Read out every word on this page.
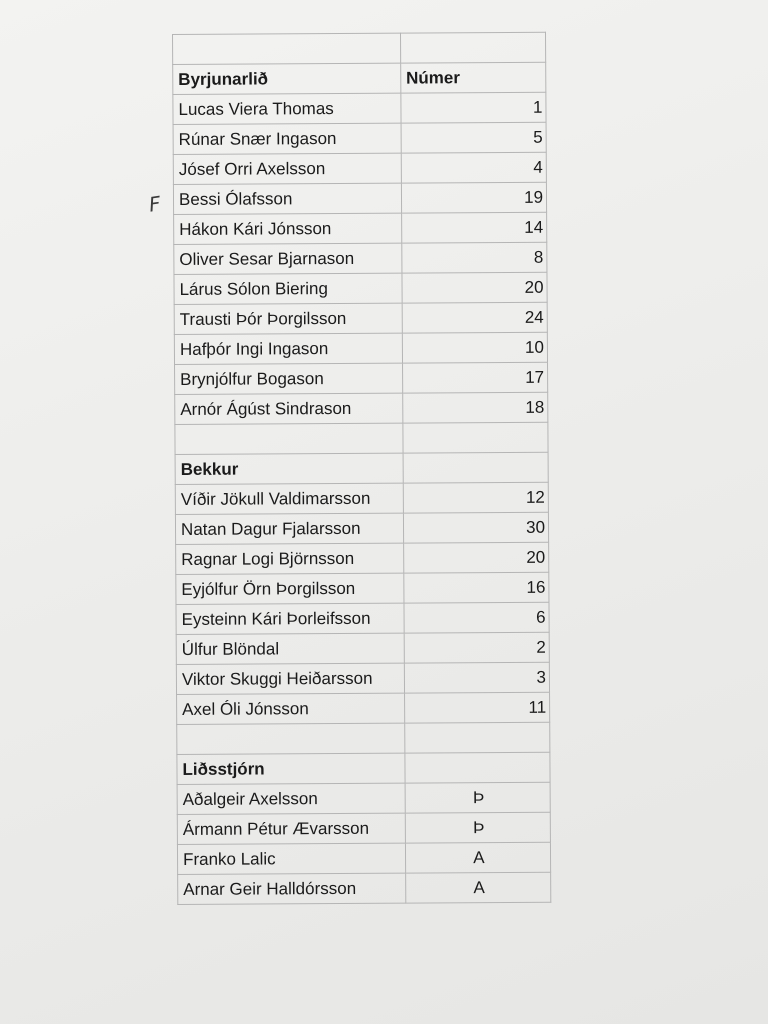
F

Byrjunarlið	Númer
Lucas Viera Thomas	1
Rúnar Snær Ingason	5
Jósef Orri Axelsson	4
Bessi Ólafsson	19
Hákon Kári Jónsson	14
Oliver Sesar Bjarnason	8
Lárus Sólon Biering	20
Trausti Þór Þorgilsson	24
Hafþór Ingi Ingason	10
Brynjólfur Bogason	17
Arnór Ágúst Sindrason	18

Bekkur	
Víðir Jökull Valdimarsson	12
Natan Dagur Fjalarsson	30
Ragnar Logi Björnsson	20
Eyjólfur Örn Þorgilsson	16
Eysteinn Kári Þorleifsson	6
Úlfur Blöndal	2
Viktor Skuggi Heiðarsson	3
Axel Óli Jónsson	11

Liðsstjórn	
Aðalgeir Axelsson	Þ
Ármann Pétur Ævarsson	Þ
Franko Lalic	A
Arnar Geir Halldórsson	A
